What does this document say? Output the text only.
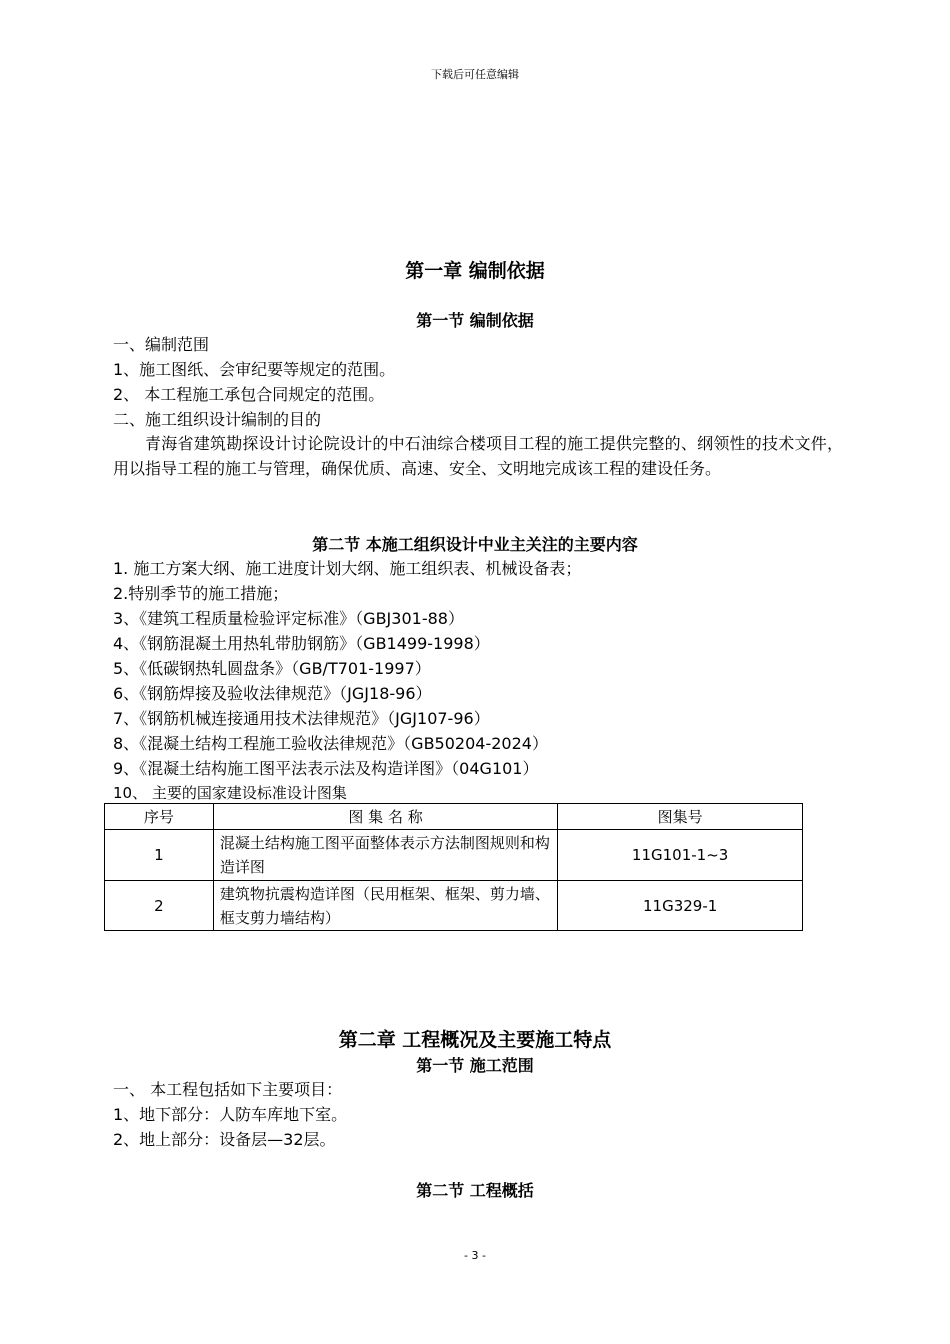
下载后可任意编辑
第一章 编制依据
第一节 编制依据
一、编制范围
1、施工图纸、会审纪要等规定的范围。
2、 本工程施工承包合同规定的范围。
二、施工组织设计编制的目的
青海省建筑勘探设计讨论院设计的中石油综合楼项目工程的施工提供完整的、纲领性的技术文件，用以指导工程的施工与管理，确保优质、高速、安全、文明地完成该工程的建设任务。
第二节 本施工组织设计中业主关注的主要内容
1. 施工方案大纲、施工进度计划大纲、施工组织表、机械设备表；
2.特别季节的施工措施；
3、《建筑工程质量检验评定标准》（GBJ301-88）
4、《钢筋混凝土用热轧带肋钢筋》（GB1499-1998）
5、《低碳钢热轧圆盘条》（GB/T701-1997）
6、《钢筋焊接及验收法律规范》（JGJ18-96）
7、《钢筋机械连接通用技术法律规范》（JGJ107-96）
8、《混凝土结构工程施工验收法律规范》（GB50204-2024）
9、《混凝土结构施工图平法表示法及构造详图》（04G101）
10、 主要的国家建设标准设计图集
序号	图 集 名 称	图集号
1	混凝土结构施工图平面整体表示方法制图规则和构造详图	11G101-1~3
2	建筑物抗震构造详图（民用框架、框架、剪力墙、框支剪力墙结构）	11G329-1
第二章 工程概况及主要施工特点
第一节 施工范围
一、 本工程包括如下主要项目：
1、地下部分：人防车库地下室。
2、地上部分：设备层—32层。
第二节 工程概括
- 3 -
